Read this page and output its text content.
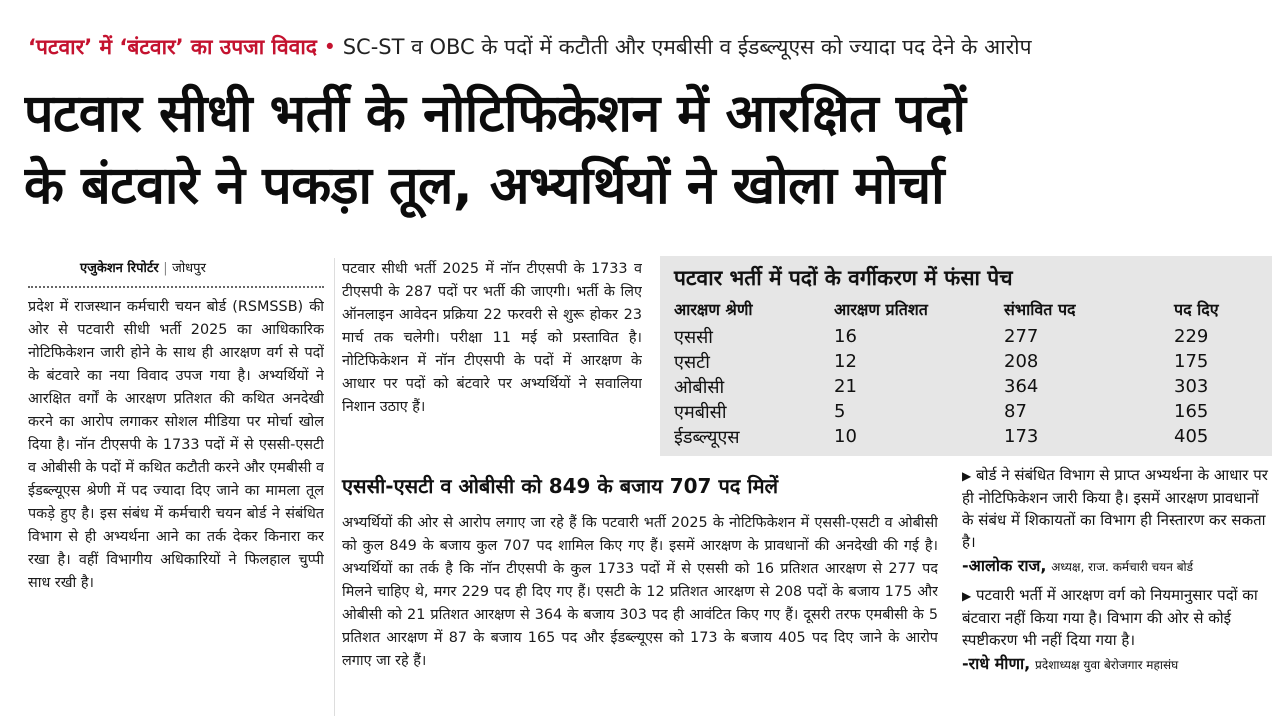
‘पटवार’ में ‘बंटवार’ का उपजा विवाद • SC-ST व OBC के पदों में कटौती और एमबीसी व ईडब्ल्यूएस को ज्यादा पद देने के आरोप
पटवार सीधी भर्ती के नोटिफिकेशन में आरक्षित पदों
के बंटवारे ने पकड़ा तूल, अभ्यर्थियों ने खोला मोर्चा
एजुकेशन रिपोर्टर | जोधपुर
प्रदेश में राजस्थान कर्मचारी चयन बोर्ड (RSMSSB) की ओर से पटवारी सीधी भर्ती 2025 का आधिकारिक नोटिफिकेशन जारी होने के साथ ही आरक्षण वर्ग से पदों के बंटवारे का नया विवाद उपज गया है। अभ्यर्थियों ने आरक्षित वर्गों के आरक्षण प्रतिशत की कथित अनदेखी करने का आरोप लगाकर सोशल मीडिया पर मोर्चा खोल दिया है। नॉन टीएसपी के 1733 पदों में से एससी-एसटी व ओबीसी के पदों में कथित कटौती करने और एमबीसी व ईडब्ल्यूएस श्रेणी में पद ज्यादा दिए जाने का मामला तूल पकड़े हुए है। इस संबंध में कर्मचारी चयन बोर्ड ने संबंधित विभाग से ही अभ्यर्थना आने का तर्क देकर किनारा कर रखा है। वहीं विभागीय अधिकारियों ने फिलहाल चुप्पी साध रखी है।
पटवार सीधी भर्ती 2025 में नॉन टीएसपी के 1733 व टीएसपी के 287 पदों पर भर्ती की जाएगी। भर्ती के लिए ऑनलाइन आवेदन प्रक्रिया 22 फरवरी से शुरू होकर 23 मार्च तक चलेगी। परीक्षा 11 मई को प्रस्तावित है। नोटिफिकेशन में नॉन टीएसपी के पदों में आरक्षण के आधार पर पदों को बंटवारे पर अभ्यर्थियों ने सवालिया निशान उठाए हैं।
पटवार भर्ती में पदों के वर्गीकरण में फंसा पेच
आरक्षण श्रेणी	आरक्षण प्रतिशत	संभावित पद	पद दिए
एससी	16	277	229
एसटी	12	208	175
ओबीसी	21	364	303
एमबीसी	5	87	165
ईडब्ल्यूएस	10	173	405
एससी-एसटी व ओबीसी को 849 के बजाय 707 पद मिलें
अभ्यर्थियों की ओर से आरोप लगाए जा रहे हैं कि पटवारी भर्ती 2025 के नोटिफिकेशन में एससी-एसटी व ओबीसी को कुल 849 के बजाय कुल 707 पद शामिल किए गए हैं। इसमें आरक्षण के प्रावधानों की अनदेखी की गई है। अभ्यर्थियों का तर्क है कि नॉन टीएसपी के कुल 1733 पदों में से एससी को 16 प्रतिशत आरक्षण से 277 पद मिलने चाहिए थे, मगर 229 पद ही दिए गए हैं। एसटी के 12 प्रतिशत आरक्षण से 208 पदों के बजाय 175 और ओबीसी को 21 प्रतिशत आरक्षण से 364 के बजाय 303 पद ही आवंटित किए गए हैं। दूसरी तरफ एमबीसी के 5 प्रतिशत आरक्षण में 87 के बजाय 165 पद और ईडब्ल्यूएस को 173 के बजाय 405 पद दिए जाने के आरोप लगाए जा रहे हैं।

▶ बोर्ड ने संबंधित विभाग से प्राप्त अभ्यर्थना के आधार पर ही नोटिफिकेशन जारी किया है। इसमें आरक्षण प्रावधानों के संबंध में शिकायतों का विभाग ही निस्तारण कर सकता है।

-आलोक राज, अध्यक्ष, राज. कर्मचारी चयन बोर्ड

▶ पटवारी भर्ती में आरक्षण वर्ग को नियमानुसार पदों का बंटवारा नहीं किया गया है। विभाग की ओर से कोई स्पष्टीकरण भी नहीं दिया गया है।

-राधे मीणा, प्रदेशाध्यक्ष युवा बेरोजगार महासंघ
